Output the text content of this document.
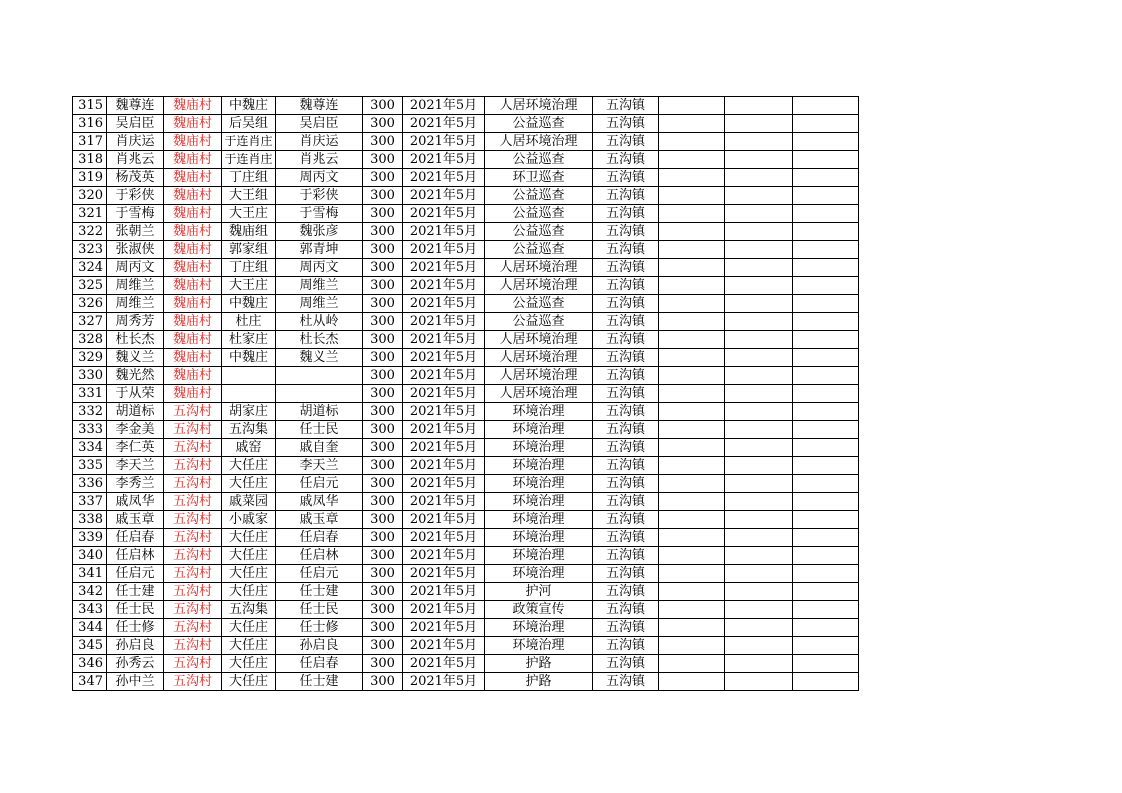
315	魏尊连	魏庙村	中魏庄	魏尊连	300	2021年5月	人居环境治理	五沟镇			
316	吴启臣	魏庙村	后吴组	吴启臣	300	2021年5月	公益巡查	五沟镇			
317	肖庆运	魏庙村	于连肖庄	肖庆运	300	2021年5月	人居环境治理	五沟镇			
318	肖兆云	魏庙村	于连肖庄	肖兆云	300	2021年5月	公益巡查	五沟镇			
319	杨茂英	魏庙村	丁庄组	周丙文	300	2021年5月	环卫巡查	五沟镇			
320	于彩侠	魏庙村	大王组	于彩侠	300	2021年5月	公益巡查	五沟镇			
321	于雪梅	魏庙村	大王庄	于雪梅	300	2021年5月	公益巡查	五沟镇			
322	张朝兰	魏庙村	魏庙组	魏张彦	300	2021年5月	公益巡查	五沟镇			
323	张淑侠	魏庙村	郭家组	郭青坤	300	2021年5月	公益巡查	五沟镇			
324	周丙文	魏庙村	丁庄组	周丙文	300	2021年5月	人居环境治理	五沟镇			
325	周维兰	魏庙村	大王庄	周维兰	300	2021年5月	人居环境治理	五沟镇			
326	周维兰	魏庙村	中魏庄	周维兰	300	2021年5月	公益巡查	五沟镇			
327	周秀芳	魏庙村	杜庄	杜从岭	300	2021年5月	公益巡查	五沟镇			
328	杜长杰	魏庙村	杜家庄	杜长杰	300	2021年5月	人居环境治理	五沟镇			
329	魏义兰	魏庙村	中魏庄	魏义兰	300	2021年5月	人居环境治理	五沟镇			
330	魏光然	魏庙村			300	2021年5月	人居环境治理	五沟镇			
331	于从荣	魏庙村			300	2021年5月	人居环境治理	五沟镇			
332	胡道标	五沟村	胡家庄	胡道标	300	2021年5月	环境治理	五沟镇			
333	李金美	五沟村	五沟集	任士民	300	2021年5月	环境治理	五沟镇			
334	李仁英	五沟村	戚窑	戚自奎	300	2021年5月	环境治理	五沟镇			
335	李天兰	五沟村	大任庄	李天兰	300	2021年5月	环境治理	五沟镇			
336	李秀兰	五沟村	大任庄	任启元	300	2021年5月	环境治理	五沟镇			
337	戚凤华	五沟村	戚菜园	戚凤华	300	2021年5月	环境治理	五沟镇			
338	戚玉章	五沟村	小戚家	戚玉章	300	2021年5月	环境治理	五沟镇			
339	任启春	五沟村	大任庄	任启春	300	2021年5月	环境治理	五沟镇			
340	任启林	五沟村	大任庄	任启林	300	2021年5月	环境治理	五沟镇			
341	任启元	五沟村	大任庄	任启元	300	2021年5月	环境治理	五沟镇			
342	任士建	五沟村	大任庄	任士建	300	2021年5月	护河	五沟镇			
343	任士民	五沟村	五沟集	任士民	300	2021年5月	政策宣传	五沟镇			
344	任士修	五沟村	大任庄	任士修	300	2021年5月	环境治理	五沟镇			
345	孙启良	五沟村	大任庄	孙启良	300	2021年5月	环境治理	五沟镇			
346	孙秀云	五沟村	大任庄	任启春	300	2021年5月	护路	五沟镇			
347	孙中兰	五沟村	大任庄	任士建	300	2021年5月	护路	五沟镇			
